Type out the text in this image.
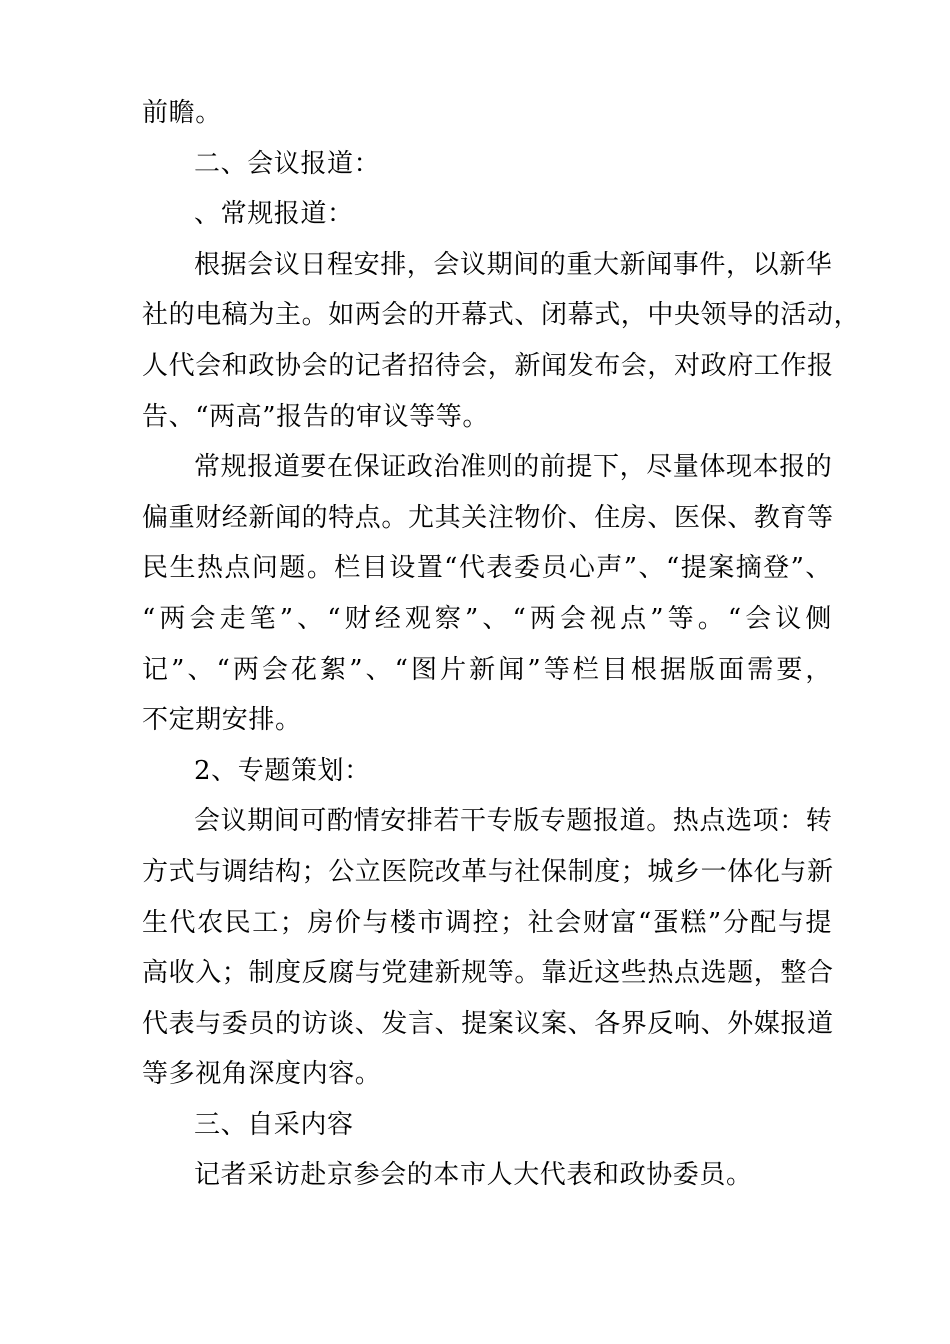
前瞻。
二、会议报道：
、常规报道：
根据会议日程安排，会议期间的重大新闻事件，以新华
社的电稿为主。如两会的开幕式、闭幕式，中央领导的活动，
人代会和政协会的记者招待会，新闻发布会，对政府工作报
告、“两高”报告的审议等等。
常规报道要在保证政治准则的前提下，尽量体现本报的
偏重财经新闻的特点。尤其关注物价、住房、医保、教育等
民生热点问题。栏目设置“代表委员心声”、“提案摘登”、
“两会走笔”、“财经观察”、“两会视点”等。“会议侧
记”、“两会花絮”、“图片新闻”等栏目根据版面需要，
不定期安排。
2、专题策划：
会议期间可酌情安排若干专版专题报道。热点选项：转
方式与调结构；公立医院改革与社保制度；城乡一体化与新
生代农民工；房价与楼市调控；社会财富“蛋糕”分配与提
高收入；制度反腐与党建新规等。靠近这些热点选题，整合
代表与委员的访谈、发言、提案议案、各界反响、外媒报道
等多视角深度内容。
三、自采内容
记者采访赴京参会的本市人大代表和政协委员。
